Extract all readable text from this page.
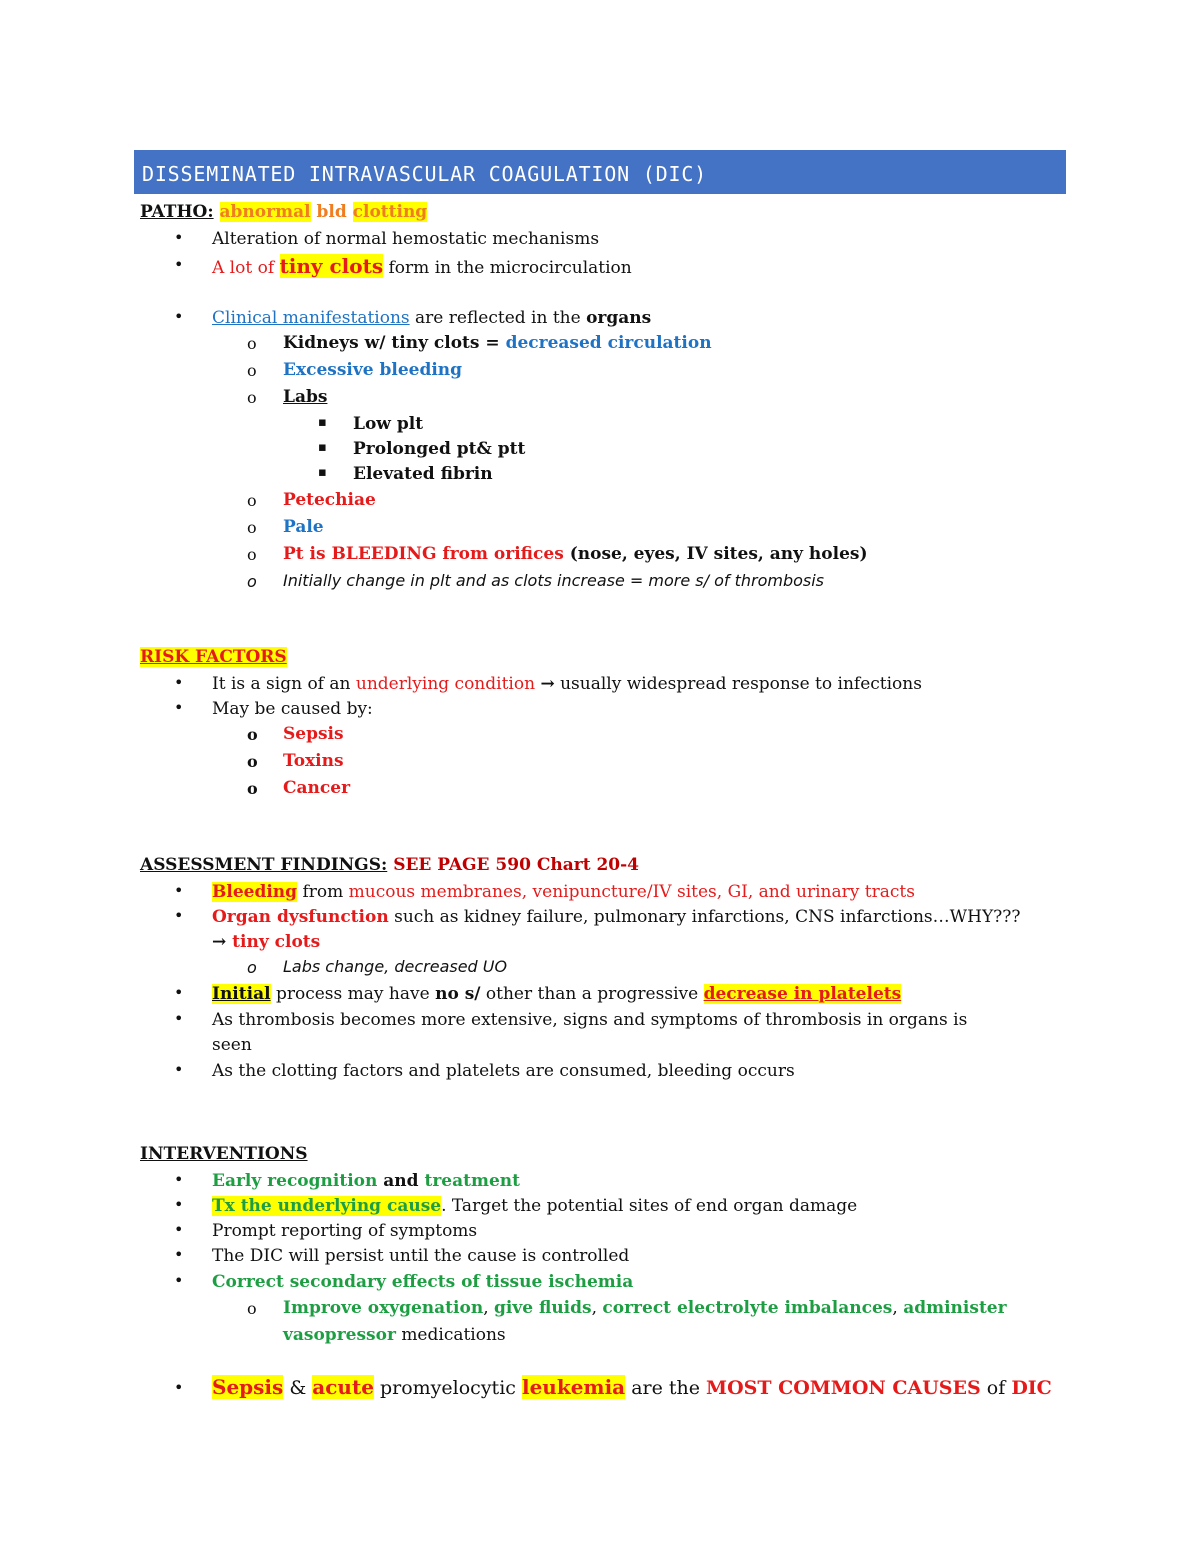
DISSEMINATED INTRAVASCULAR COAGULATION (DIC)
PATHO: abnormal bld clotting
• Alteration of normal hemostatic mechanisms
• A lot of tiny clots form in the microcirculation
• Clinical manifestations are reflected in the organs
o Kidneys w/ tiny clots = decreased circulation
o Excessive bleeding
o Labs
▪ Low plt
▪ Prolonged pt& ptt
▪ Elevated fibrin
o Petechiae
o Pale
o Pt is BLEEDING from orifices (nose, eyes, IV sites, any holes)
o Initially change in plt and as clots increase = more s/ of thrombosis
RISK FACTORS
• It is a sign of an underlying condition → usually widespread response to infections
• May be caused by:
o Sepsis
o Toxins
o Cancer
ASSESSMENT FINDINGS: SEE PAGE 590 Chart 20-4
• Bleeding from mucous membranes, venipuncture/IV sites, GI, and urinary tracts
• Organ dysfunction such as kidney failure, pulmonary infarctions, CNS infarctions…WHY???
→ tiny clots
o Labs change, decreased UO
• Initial process may have no s/ other than a progressive decrease in platelets
• As thrombosis becomes more extensive, signs and symptoms of thrombosis in organs is
seen
• As the clotting factors and platelets are consumed, bleeding occurs
INTERVENTIONS
• Early recognition and treatment
• Tx the underlying cause. Target the potential sites of end organ damage
• Prompt reporting of symptoms
• The DIC will persist until the cause is controlled
• Correct secondary effects of tissue ischemia
o Improve oxygenation, give fluids, correct electrolyte imbalances, administer
vasopressor medications
• Sepsis & acute promyelocytic leukemia are the MOST COMMON CAUSES of DIC
